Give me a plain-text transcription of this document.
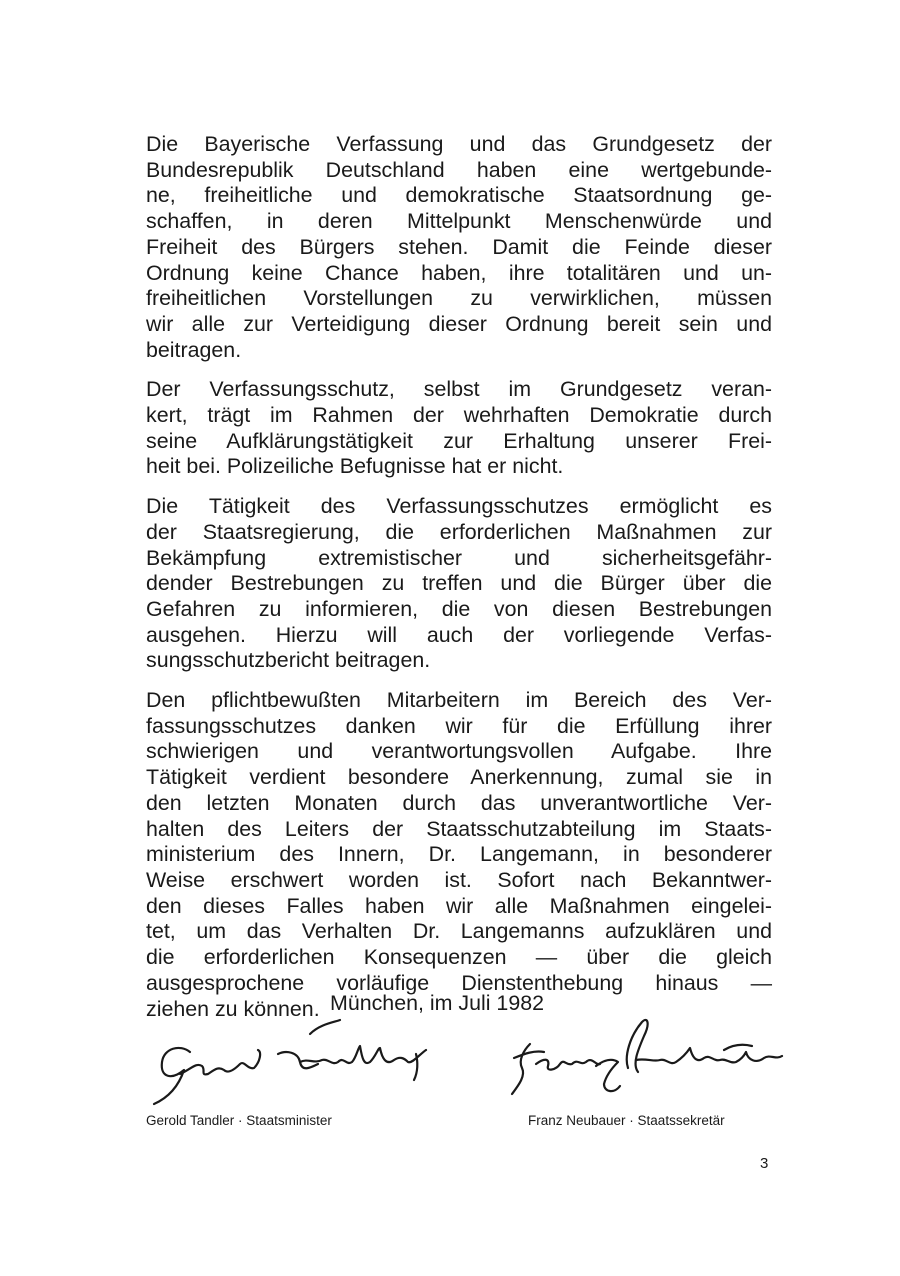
Die Bayerische Verfassung und das Grundgesetz der
Bundesrepublik Deutschland haben eine wertgebunde-
ne, freiheitliche und demokratische Staatsordnung ge-
schaffen, in deren Mittelpunkt Menschenwürde und
Freiheit des Bürgers stehen. Damit die Feinde dieser
Ordnung keine Chance haben, ihre totalitären und un-
freiheitlichen Vorstellungen zu verwirklichen, müssen
wir alle zur Verteidigung dieser Ordnung bereit sein und
beitragen.

Der Verfassungsschutz, selbst im Grundgesetz veran-
kert, trägt im Rahmen der wehrhaften Demokratie durch
seine Aufklärungstätigkeit zur Erhaltung unserer Frei-
heit bei. Polizeiliche Befugnisse hat er nicht.

Die Tätigkeit des Verfassungsschutzes ermöglicht es
der Staatsregierung, die erforderlichen Maßnahmen zur
Bekämpfung extremistischer und sicherheitsgefähr-
dender Bestrebungen zu treffen und die Bürger über die
Gefahren zu informieren, die von diesen Bestrebungen
ausgehen. Hierzu will auch der vorliegende Verfas-
sungsschutzbericht beitragen.

Den pflichtbewußten Mitarbeitern im Bereich des Ver-
fassungsschutzes danken wir für die Erfüllung ihrer
schwierigen und verantwortungsvollen Aufgabe. Ihre
Tätigkeit verdient besondere Anerkennung, zumal sie in
den letzten Monaten durch das unverantwortliche Ver-
halten des Leiters der Staatsschutzabteilung im Staats-
ministerium des Innern, Dr. Langemann, in besonderer
Weise erschwert worden ist. Sofort nach Bekanntwer-
den dieses Falles haben wir alle Maßnahmen eingelei-
tet, um das Verhalten Dr. Langemanns aufzuklären und
die erforderlichen Konsequenzen — über die gleich
ausgesprochene vorläufige Dienstenthebung hinaus —
ziehen zu können. München, im Juli 1982
Gerold Tandler · Staatsminister	Franz Neubauer · Staatssekretär
3
